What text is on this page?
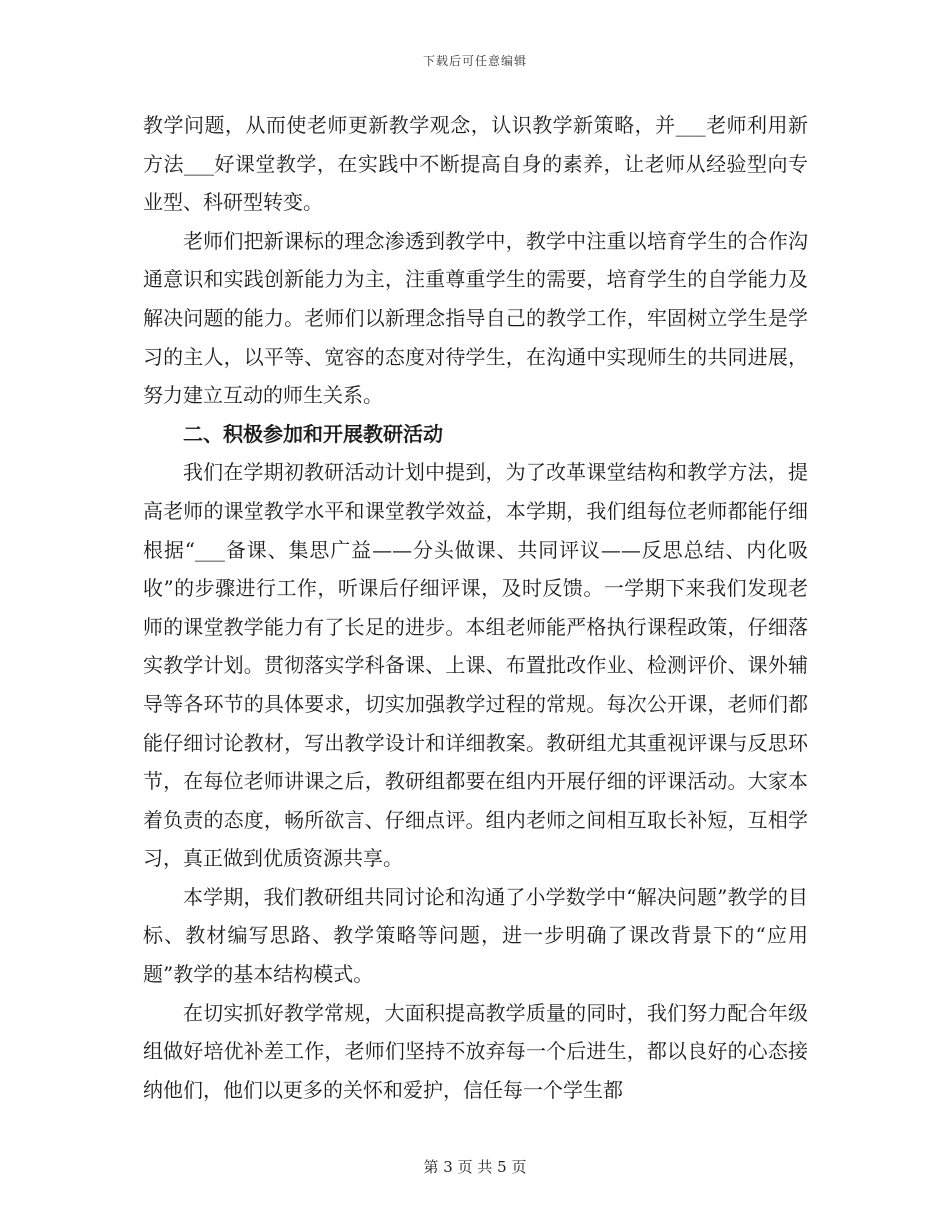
下载后可任意编辑

教学问题，从而使老师更新教学观念，认识教学新策略，并___老师利用新方法___好课堂教学，在实践中不断提高自身的素养，让老师从经验型向专业型、科研型转变。

老师们把新课标的理念渗透到教学中，教学中注重以培育学生的合作沟通意识和实践创新能力为主，注重尊重学生的需要，培育学生的自学能力及解决问题的能力。老师们以新理念指导自己的教学工作，牢固树立学生是学习的主人，以平等、宽容的态度对待学生，在沟通中实现师生的共同进展，努力建立互动的师生关系。

二、积极参加和开展教研活动

我们在学期初教研活动计划中提到，为了改革课堂结构和教学方法，提高老师的课堂教学水平和课堂教学效益，本学期，我们组每位老师都能仔细根据“___备课、集思广益——分头做课、共同评议——反思总结、内化吸收”的步骤进行工作，听课后仔细评课，及时反馈。一学期下来我们发现老师的课堂教学能力有了长足的进步。本组老师能严格执行课程政策，仔细落实教学计划。贯彻落实学科备课、上课、布置批改作业、检测评价、课外辅导等各环节的具体要求，切实加强教学过程的常规。每次公开课，老师们都能仔细讨论教材，写出教学设计和详细教案。教研组尤其重视评课与反思环节，在每位老师讲课之后，教研组都要在组内开展仔细的评课活动。大家本着负责的态度，畅所欲言、仔细点评。组内老师之间相互取长补短，互相学习，真正做到优质资源共享。

本学期，我们教研组共同讨论和沟通了小学数学中“解决问题”教学的目标、教材编写思路、教学策略等问题，进一步明确了课改背景下的“应用题”教学的基本结构模式。

在切实抓好教学常规，大面积提高教学质量的同时，我们努力配合年级组做好培优补差工作，老师们坚持不放弃每一个后进生，都以良好的心态接纳他们，他们以更多的关怀和爱护，信任每一个学生都

第 3 页 共 5 页
